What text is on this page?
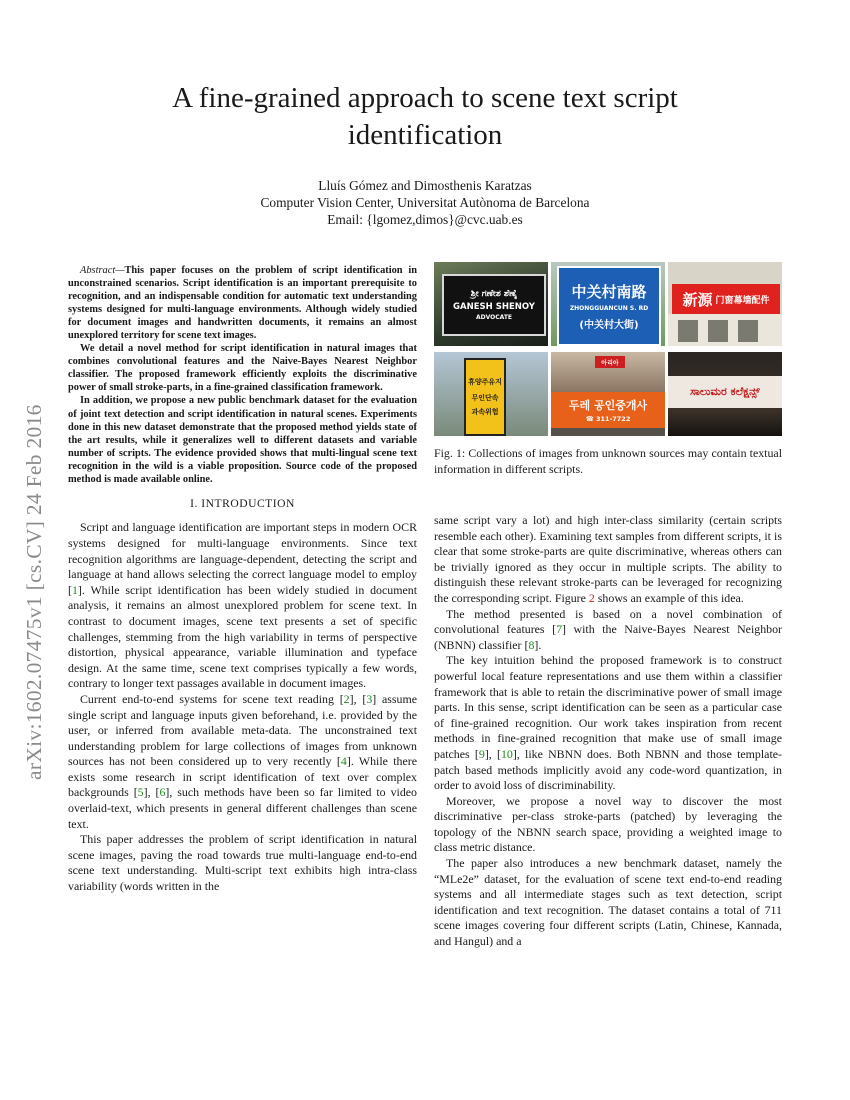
arXiv:1602.07475v1 [cs.CV] 24 Feb 2016
A fine-grained approach to scene text script
identification
Lluís Gómez and Dimosthenis Karatzas
Computer Vision Center, Universitat Autònoma de Barcelona
Email: {lgomez,dimos}@cvc.uab.es

Abstract—This paper focuses on the problem of script identification in unconstrained scenarios. Script identification is an important prerequisite to recognition, and an indispensable condition for automatic text understanding systems designed for multi-language environments. Although widely studied for document images and handwritten documents, it remains an almost unexplored territory for scene text images.

We detail a novel method for script identification in natural images that combines convolutional features and the Naive-Bayes Nearest Neighbor classifier. The proposed framework efficiently exploits the discriminative power of small stroke-parts, in a fine-grained classification framework.

In addition, we propose a new public benchmark dataset for the evaluation of joint text detection and script identification in natural scenes. Experiments done in this new dataset demonstrate that the proposed method yields state of the art results, while it generalizes well to different datasets and variable number of scripts. The evidence provided shows that multi-lingual scene text recognition in the wild is a viable proposition. Source code of the proposed method is made available online.

I. INTRODUCTION

Script and language identification are important steps in modern OCR systems designed for multi-language environments. Since text recognition algorithms are language-dependent, detecting the script and language at hand allows selecting the correct language model to employ [1]. While script identification has been widely studied in document analysis, it remains an almost unexplored problem for scene text. In contrast to document images, scene text presents a set of specific challenges, stemming from the high variability in terms of perspective distortion, physical appearance, variable illumination and typeface design. At the same time, scene text comprises typically a few words, contrary to longer text passages available in document images.

Current end-to-end systems for scene text reading [2], [3] assume single script and language inputs given beforehand, i.e. provided by the user, or inferred from available meta-data. The unconstrained text understanding problem for large collections of images from unknown sources has not been considered up to very recently [4]. While there exists some research in script identification of text over complex backgrounds [5], [6], such methods have been so far limited to video overlaid-text, which presents in general different challenges than scene text.

This paper addresses the problem of script identification in natural scene images, paving the road towards true multi-language end-to-end scene text understanding. Multi-script text exhibits high intra-class variability (words written in the

ಶ್ರೀ ಗಣೇಶ ಶೆಣೈ
GANESH SHENOY
ADVOCATE
中关村南路
ZHONGGUANCUN S. RD
(中关村大街)
新源 门窗幕墙配件
휴양주유지
무인단속
과속위험
아리아
두레 공인중개사
☎ 311-7722
ಸಾಲುಮರ ಕಲೆಕ್ಷನ್ಸ್
Fig. 1: Collections of images from unknown sources may contain textual information in different scripts.

same script vary a lot) and high inter-class similarity (certain scripts resemble each other). Examining text samples from different scripts, it is clear that some stroke-parts are quite discriminative, whereas others can be trivially ignored as they occur in multiple scripts. The ability to distinguish these relevant stroke-parts can be leveraged for recognizing the corresponding script. Figure 2 shows an example of this idea.

The method presented is based on a novel combination of convolutional features [7] with the Naive-Bayes Nearest Neighbor (NBNN) classifier [8].

The key intuition behind the proposed framework is to construct powerful local feature representations and use them within a classifier framework that is able to retain the discriminative power of small image parts. In this sense, script identification can be seen as a particular case of fine-grained recognition. Our work takes inspiration from recent methods in fine-grained recognition that make use of small image patches [9], [10], like NBNN does. Both NBNN and those template-patch based methods implicitly avoid any code-word quantization, in order to avoid loss of discriminability.

Moreover, we propose a novel way to discover the most discriminative per-class stroke-parts (patched) by leveraging the topology of the NBNN search space, providing a weighted image to class metric distance.

The paper also introduces a new benchmark dataset, namely the “MLe2e” dataset, for the evaluation of scene text end-to-end reading systems and all intermediate stages such as text detection, script identification and text recognition. The dataset contains a total of 711 scene images covering four different scripts (Latin, Chinese, Kannada, and Hangul) and a
